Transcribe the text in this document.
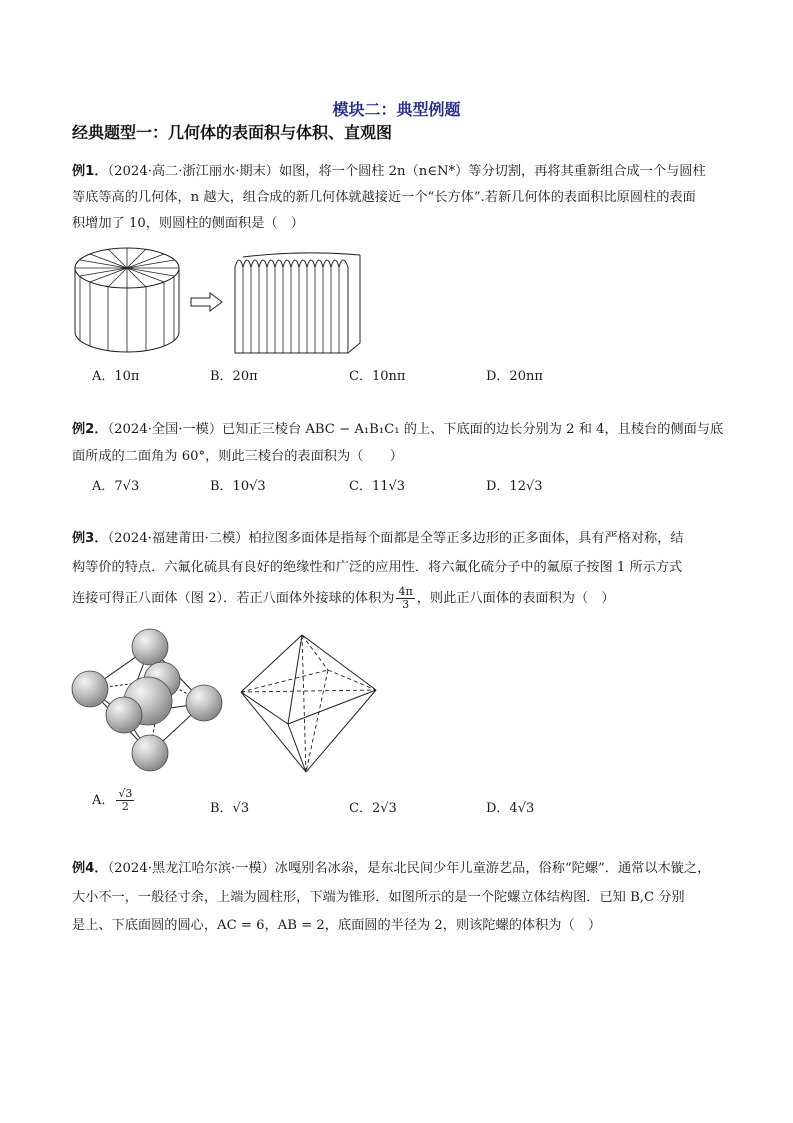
模块二：典型例题
经典题型一：几何体的表面积与体积、直观图
例1．（2024·高二·浙江丽水·期末）如图，将一个圆柱 2n（n∈N*）等分切割，再将其重新组合成一个与圆柱
等底等高的几何体，n 越大，组合成的新几何体就越接近一个“长方体”.若新几何体的表面积比原圆柱的表面
积增加了 10，则圆柱的侧面积是（　）
A．10π	B．20π	C．10nπ	D．20nπ
例2．（2024·全国·一模）已知正三棱台 ABC − A₁B₁C₁ 的上、下底面的边长分别为 2 和 4，且棱台的侧面与底
面所成的二面角为 60°，则此三棱台的表面积为（　　）
A．7√3	B．10√3	C．11√3	D．12√3
例3．（2024·福建莆田·二模）柏拉图多面体是指每个面都是全等正多边形的正多面体，具有严格对称，结
构等价的特点．六氟化硫具有良好的绝缘性和广泛的应用性．将六氟化硫分子中的氟原子按图 1 所示方式
连接可得正八面体（图 2）．若正八面体外接球的体积为 $\frac{4\pi}{3}$ ，则此正八面体的表面积为（　）
A． $\frac{√3}{2}$	B．√3	C．2√3	D．4√3
例4．（2024·黑龙江哈尔滨·一模）冰嘎别名冰尜，是东北民间少年儿童游艺品，俗称“陀螺”．通常以木镟之，
大小不一，一般径寸余，上端为圆柱形，下端为锥形．如图所示的是一个陀螺立体结构图．已知 B,C 分别
是上、下底面圆的圆心，AC = 6，AB = 2，底面圆的半径为 2，则该陀螺的体积为（　）
